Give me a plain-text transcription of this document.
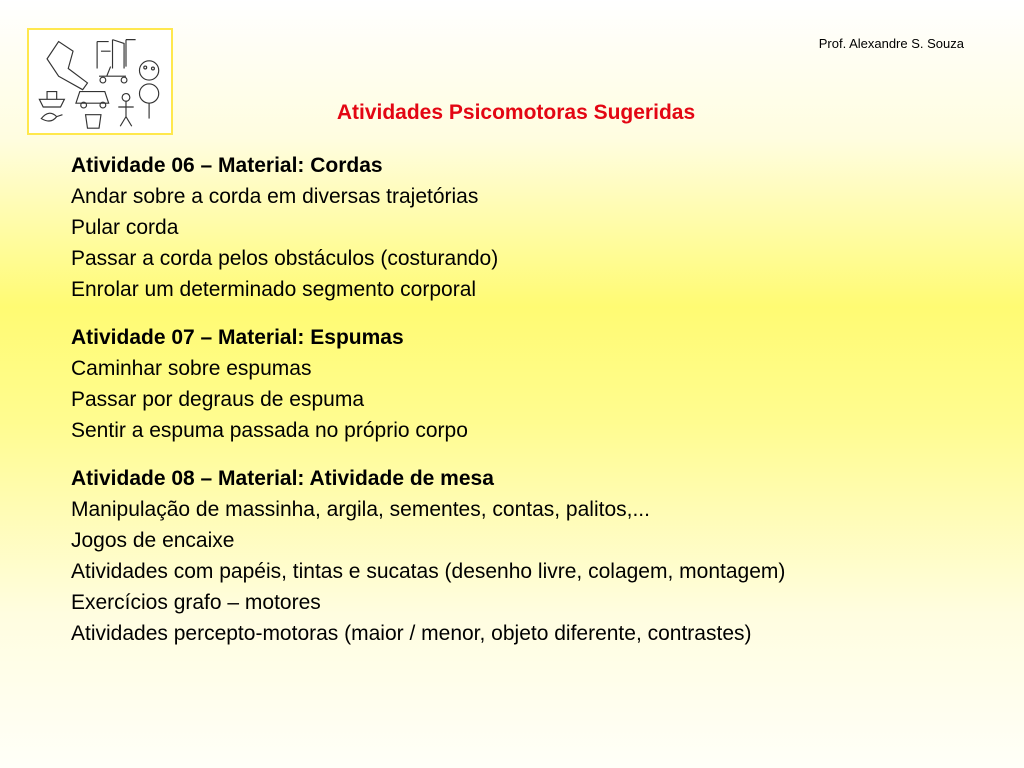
Prof. Alexandre S. Souza
Atividades Psicomotoras Sugeridas
Atividade 06 – Material: Cordas
Andar sobre a corda em diversas trajetórias
Pular corda
Passar a corda pelos obstáculos (costurando)
Enrolar um determinado segmento corporal
Atividade 07 – Material: Espumas
Caminhar sobre espumas
Passar por degraus de espuma
Sentir a espuma passada no próprio corpo
Atividade 08 – Material: Atividade de mesa
Manipulação de massinha, argila, sementes, contas, palitos,...
Jogos de encaixe
Atividades com papéis, tintas e sucatas (desenho livre, colagem, montagem)
Exercícios grafo – motores
Atividades percepto-motoras (maior / menor, objeto diferente, contrastes)
